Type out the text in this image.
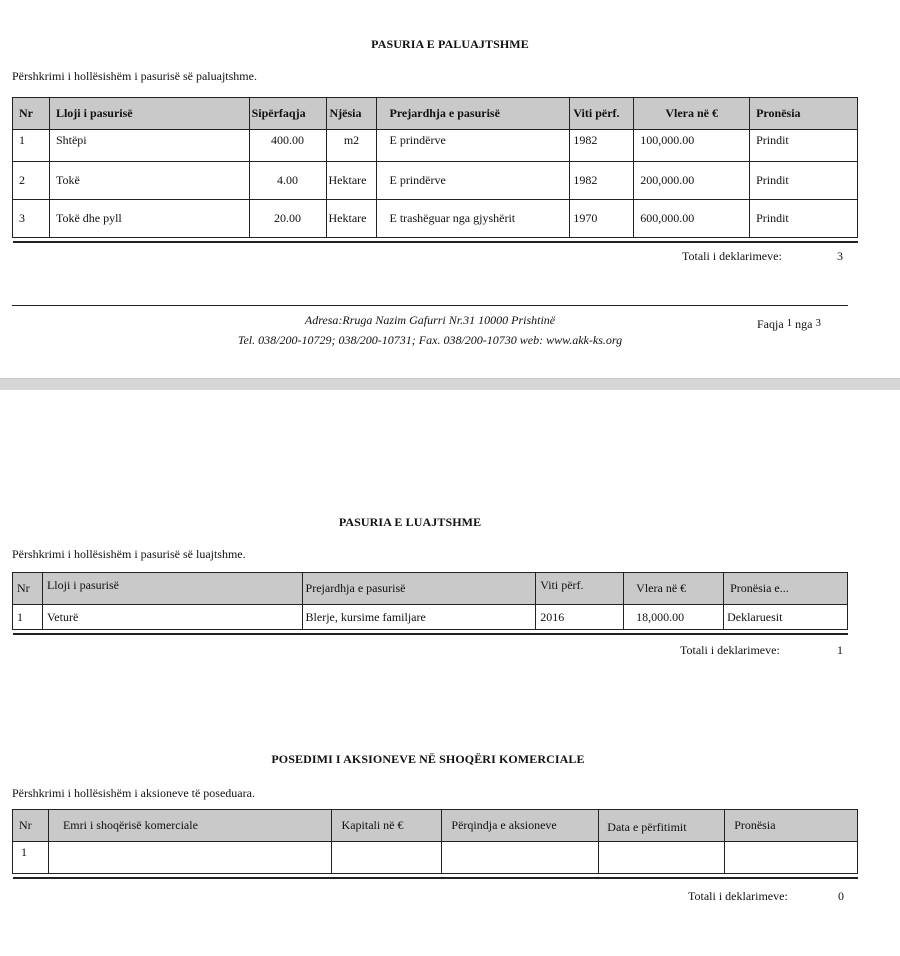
PASURIA E PALUAJTSHME
Përshkrimi i hollësishëm i pasurisë së paluajtshme.
Nr	Lloji i pasurisë	Sipërfaqja	Njësia	Prejardhja e pasurisë	Viti përf.	Vlera në €	Pronësia
1	Shtëpi	400.00	m2	E prindërve	1982	100,000.00	Prindit
2	Tokë	4.00	Hektare	E prindërve	1982	200,000.00	Prindit
3	Tokë dhe pyll	20.00	Hektare	E trashëguar nga gjyshërit	1970	600,000.00	Prindit

Totali i deklarimeve:	3
Adresa:Rruga Nazim Gafurri Nr.31 10000 Prishtinë
Tel. 038/200-10729; 038/200-10731; Fax. 038/200-10730 web: www.akk-ks.org
Faqja 1 nga 3
PASURIA E LUAJTSHME
Përshkrimi i hollësishëm i pasurisë së luajtshme.
Nr	Lloji i pasurisë	Prejardhja e pasurisë	Viti përf.	Vlera në €	Pronësia e...
1	Veturë	Blerje, kursime familjare	2016	18,000.00	Deklaruesit

Totali i deklarimeve:	1
POSEDIMI I AKSIONEVE NË SHOQËRI KOMERCIALE
Përshkrimi i hollësishëm i aksioneve të poseduara.
Nr	Emri i shoqërisë komerciale	Kapitali në €	Përqindja e aksioneve	Data e përfitimit	Pronësia
1					

Totali i deklarimeve:	0
